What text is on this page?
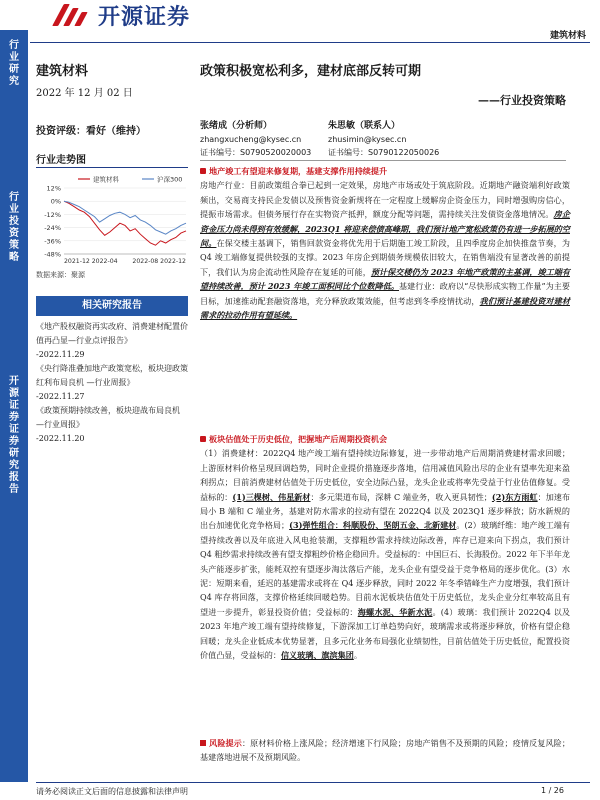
开源证券
建筑材料
行
业
研
究
行
业
投
资
策
略
开
源
证
券
证
券
研
究
报
告
建筑材料
2022 年 12 月 02 日
投资评级：看好（维持）
行业走势图
12%
0%
-12%
-24%
-36%
-48%
2021-12 2022-04 2022-08 2022-12
建筑材料	沪深300
数据来源：聚源
相关研究报告
《地产股权融资再实改府、消费建材配置价值再凸显—行业点评报告》
-2022.11.29
《央行降准叠加地产政策宽松，板块迎政策红利布局良机 —行业周报》
-2022.11.27
《政策预期持续改善，板块迎战布局良机 —行业周报》
-2022.11.20
政策积极宽松利多，建材底部反转可期
——行业投资策略
张绪成（分析师）
zhangxucheng@kysec.cn
证书编号：S0790520020003
朱思敏（联系人）
zhusimin@kysec.cn
证书编号：S0790122050026
地产竣工有望迎来修复期，基建支撑作用持续提升
房地产行业：目前政策组合拳已起到一定效果，房地产市场或处于筑底阶段。近期地产融资端利好政策频出，交易商支持民企发债以及预售资金新规将在一定程度上缓解房企资金压力，同时增强购房信心，提振市场需求。但债务展行存在实物资产抵押，额度分配等问题，需持续关注发债资金落地情况。房企资金压力尚未得到有效缓解，2023Q1 将迎来偿债高峰期，我们预计地产宽松政策仍有进一步拓展的空间。在保交楼主基调下，销售回款资金将优先用于后期施工竣工阶段，且四季度房企加快推盘节奏，为 Q4 竣工端修复提供较强的支撑。2023 年房企到期债务规模依旧较大，在销售端没有显著改善的前提下，我们认为房企流动性风险存在复延的可能，预计保交楼仍为 2023 年地产政策的主基调，竣工端有望持续改善，预计 2023 年竣工面积同比个位数降低。基建行业：政府以“尽快形成实物工作量”为主要目标，加速推动配套融资落地，充分释放政策效能，但考虑到冬季疫情扰动，我们预计基建投资对建材需求的拉动作用有望延续。
板块估值处于历史低位，把握地产后周期投资机会
（1）消费建材：2022Q4 地产竣工端有望持续边际修复，进一步带动地产后周期消费建材需求回暖；上游原材料价格呈现回调趋势，同时企业提价措施逐步落地，信用减值风险出尽的企业有望率先迎来盈利拐点；目前消费建材估值处于历史低位，安全边际凸显，龙头企业或将率先受益于行业估值修复。受益标的：(1)三棵树、伟星新材：多元渠道布局，深耕 C 端业务，收入更具韧性；(2)东方雨虹：加速布局小 B 端和 C 端业务，基建对防水需求的拉动有望在 2022Q4 以及 2023Q1 逐步释放；防水新规的出台加速优化竞争格局；(3)弹性组合：科顺股份、坚朗五金、北新建材。(2）玻璃纤维：地产竣工端有望持续改善以及年底进入风电抢装潮，支撑粗纱需求持续边际改善，库存已迎来向下拐点，我们预计 Q4 粗纱需求持续改善有望支撑粗纱价格企稳回升。受益标的：中国巨石、长海股份。2022 年下半年龙头产能逐步扩张，能耗双控有望逐步淘汰落后产能，龙头企业有望受益于竞争格局的逐步优化。(3）水泥：短期来看，延迟的基建需求或将在 Q4 逐步释放，同时 2022 年冬季错峰生产力度增强，我们预计 Q4 库存将回落，支撑价格延续回暖趋势。目前水泥板块估值处于历史低位，龙头企业分红率较高且有望进一步提升，彰显投资价值；受益标的：海螺水泥、华新水泥。(4）玻璃：我们预计 2022Q4 以及 2023 年地产竣工端有望持续修复，下游深加工订单趋势向好，玻璃需求或将逐步释放，价格有望企稳回暖；龙头企业低成本优势显著，且多元化业务布局强化业绩韧性，目前估值处于历史低位，配置投资价值凸显，受益标的：信义玻璃、旗滨集团。
风险提示：原材料价格上涨风险；经济增速下行风险；房地产销售不及预期的风险；疫情反复风险；基建落地进展不及预期风险。
请务必阅读正文后面的信息披露和法律声明	1 / 26
